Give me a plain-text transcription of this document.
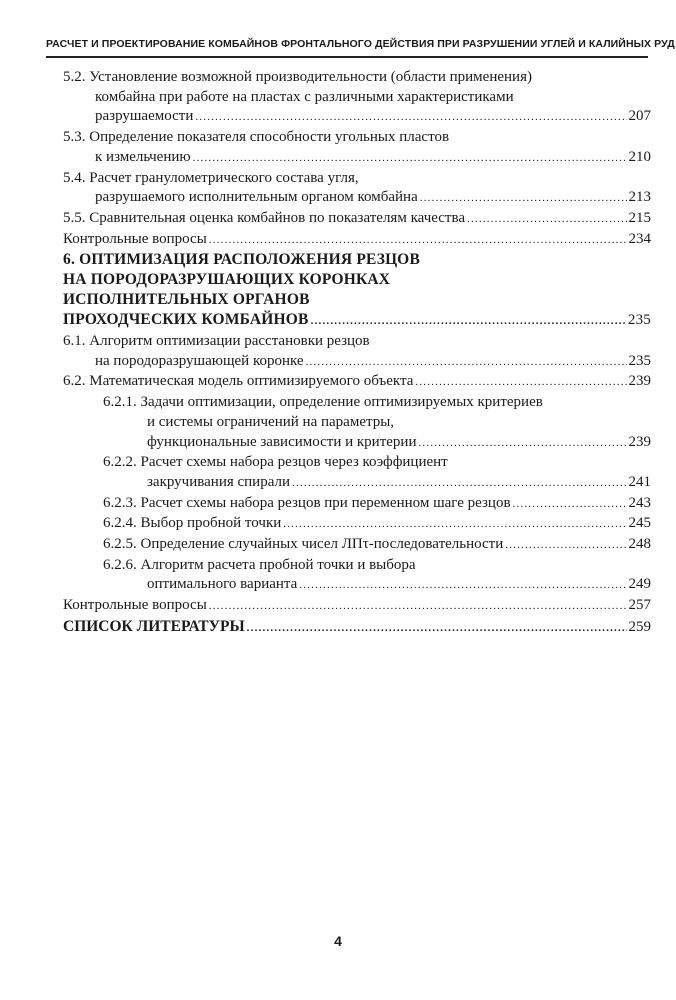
РАСЧЕТ И ПРОЕКТИРОВАНИЕ КОМБАЙНОВ ФРОНТАЛЬНОГО ДЕЙСТВИЯ ПРИ РАЗРУШЕНИИ УГЛЕЙ И КАЛИЙНЫХ РУД
5.2. Установление возможной производительности (области применения)
комбайна при работе на пластах с различными характеристиками
разрушаемости .....	207
5.3. Определение показателя способности угольных пластов
к измельчению .....	210
5.4. Расчет гранулометрического состава угля,
разрушаемого исполнительным органом комбайна .....	213
5.5. Сравнительная оценка комбайнов по показателям качества .....	215
Контрольные вопросы .....	234
6. ОПТИМИЗАЦИЯ РАСПОЛОЖЕНИЯ РЕЗЦОВ
НА ПОРОДОРАЗРУШАЮЩИХ КОРОНКАХ
ИСПОЛНИТЕЛЬНЫХ ОРГАНОВ
ПРОХОДЧЕСКИХ КОМБАЙНОВ .....	235
6.1. Алгоритм оптимизации расстановки резцов
на породоразрушающей коронке .....	235
6.2. Математическая модель оптимизируемого объекта .....	239
6.2.1. Задачи оптимизации, определение оптимизируемых критериев
и системы ограничений на параметры,
функциональные зависимости и критерии .....	239
6.2.2. Расчет схемы набора резцов через коэффициент
закручивания спирали .....	241
6.2.3. Расчет схемы набора резцов при переменном шаге резцов .....	243
6.2.4. Выбор пробной точки .....	245
6.2.5. Определение случайных чисел ЛПτ-последовательности .....	248
6.2.6. Алгоритм расчета пробной точки и выбора
оптимального варианта .....	249
Контрольные вопросы .....	257
СПИСОК ЛИТЕРАТУРЫ .....	259
4
